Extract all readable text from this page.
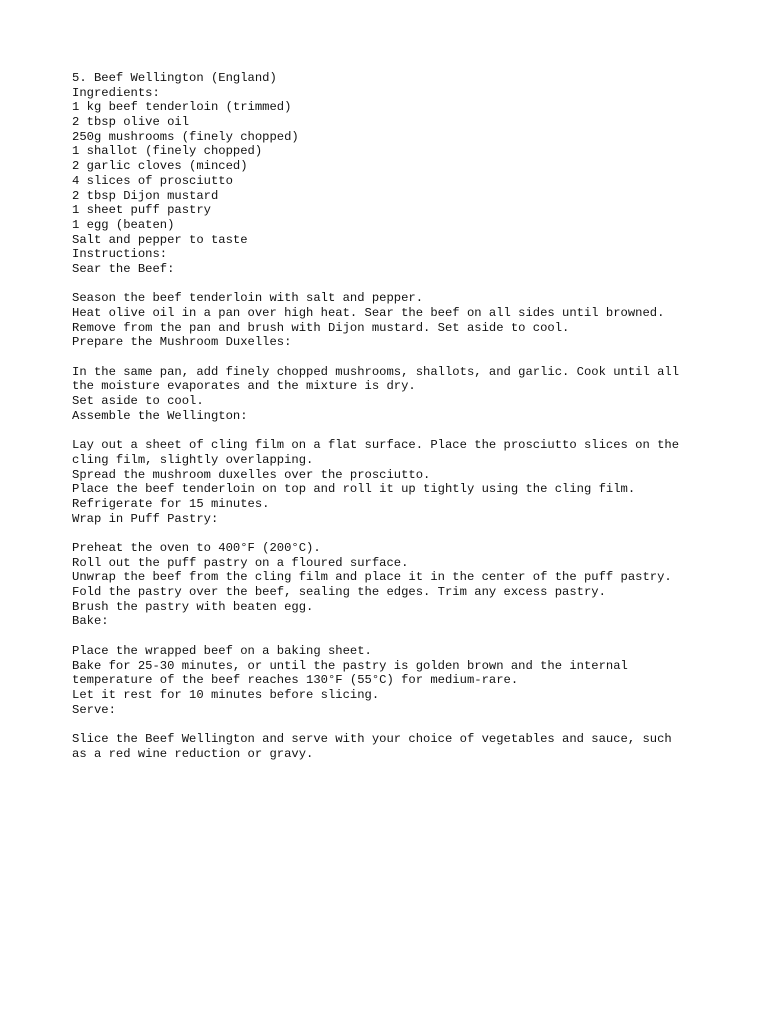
5. Beef Wellington (England)
Ingredients:
1 kg beef tenderloin (trimmed)
2 tbsp olive oil
250g mushrooms (finely chopped)
1 shallot (finely chopped)
2 garlic cloves (minced)
4 slices of prosciutto
2 tbsp Dijon mustard
1 sheet puff pastry
1 egg (beaten)
Salt and pepper to taste
Instructions:
Sear the Beef:
Season the beef tenderloin with salt and pepper.
Heat olive oil in a pan over high heat. Sear the beef on all sides until browned.
Remove from the pan and brush with Dijon mustard. Set aside to cool.
Prepare the Mushroom Duxelles:
In the same pan, add finely chopped mushrooms, shallots, and garlic. Cook until all
the moisture evaporates and the mixture is dry.
Set aside to cool.
Assemble the Wellington:
Lay out a sheet of cling film on a flat surface. Place the prosciutto slices on the
cling film, slightly overlapping.
Spread the mushroom duxelles over the prosciutto.
Place the beef tenderloin on top and roll it up tightly using the cling film.
Refrigerate for 15 minutes.
Wrap in Puff Pastry:
Preheat the oven to 400°F (200°C).
Roll out the puff pastry on a floured surface.
Unwrap the beef from the cling film and place it in the center of the puff pastry.
Fold the pastry over the beef, sealing the edges. Trim any excess pastry.
Brush the pastry with beaten egg.
Bake:
Place the wrapped beef on a baking sheet.
Bake for 25-30 minutes, or until the pastry is golden brown and the internal
temperature of the beef reaches 130°F (55°C) for medium-rare.
Let it rest for 10 minutes before slicing.
Serve:
Slice the Beef Wellington and serve with your choice of vegetables and sauce, such
as a red wine reduction or gravy.
